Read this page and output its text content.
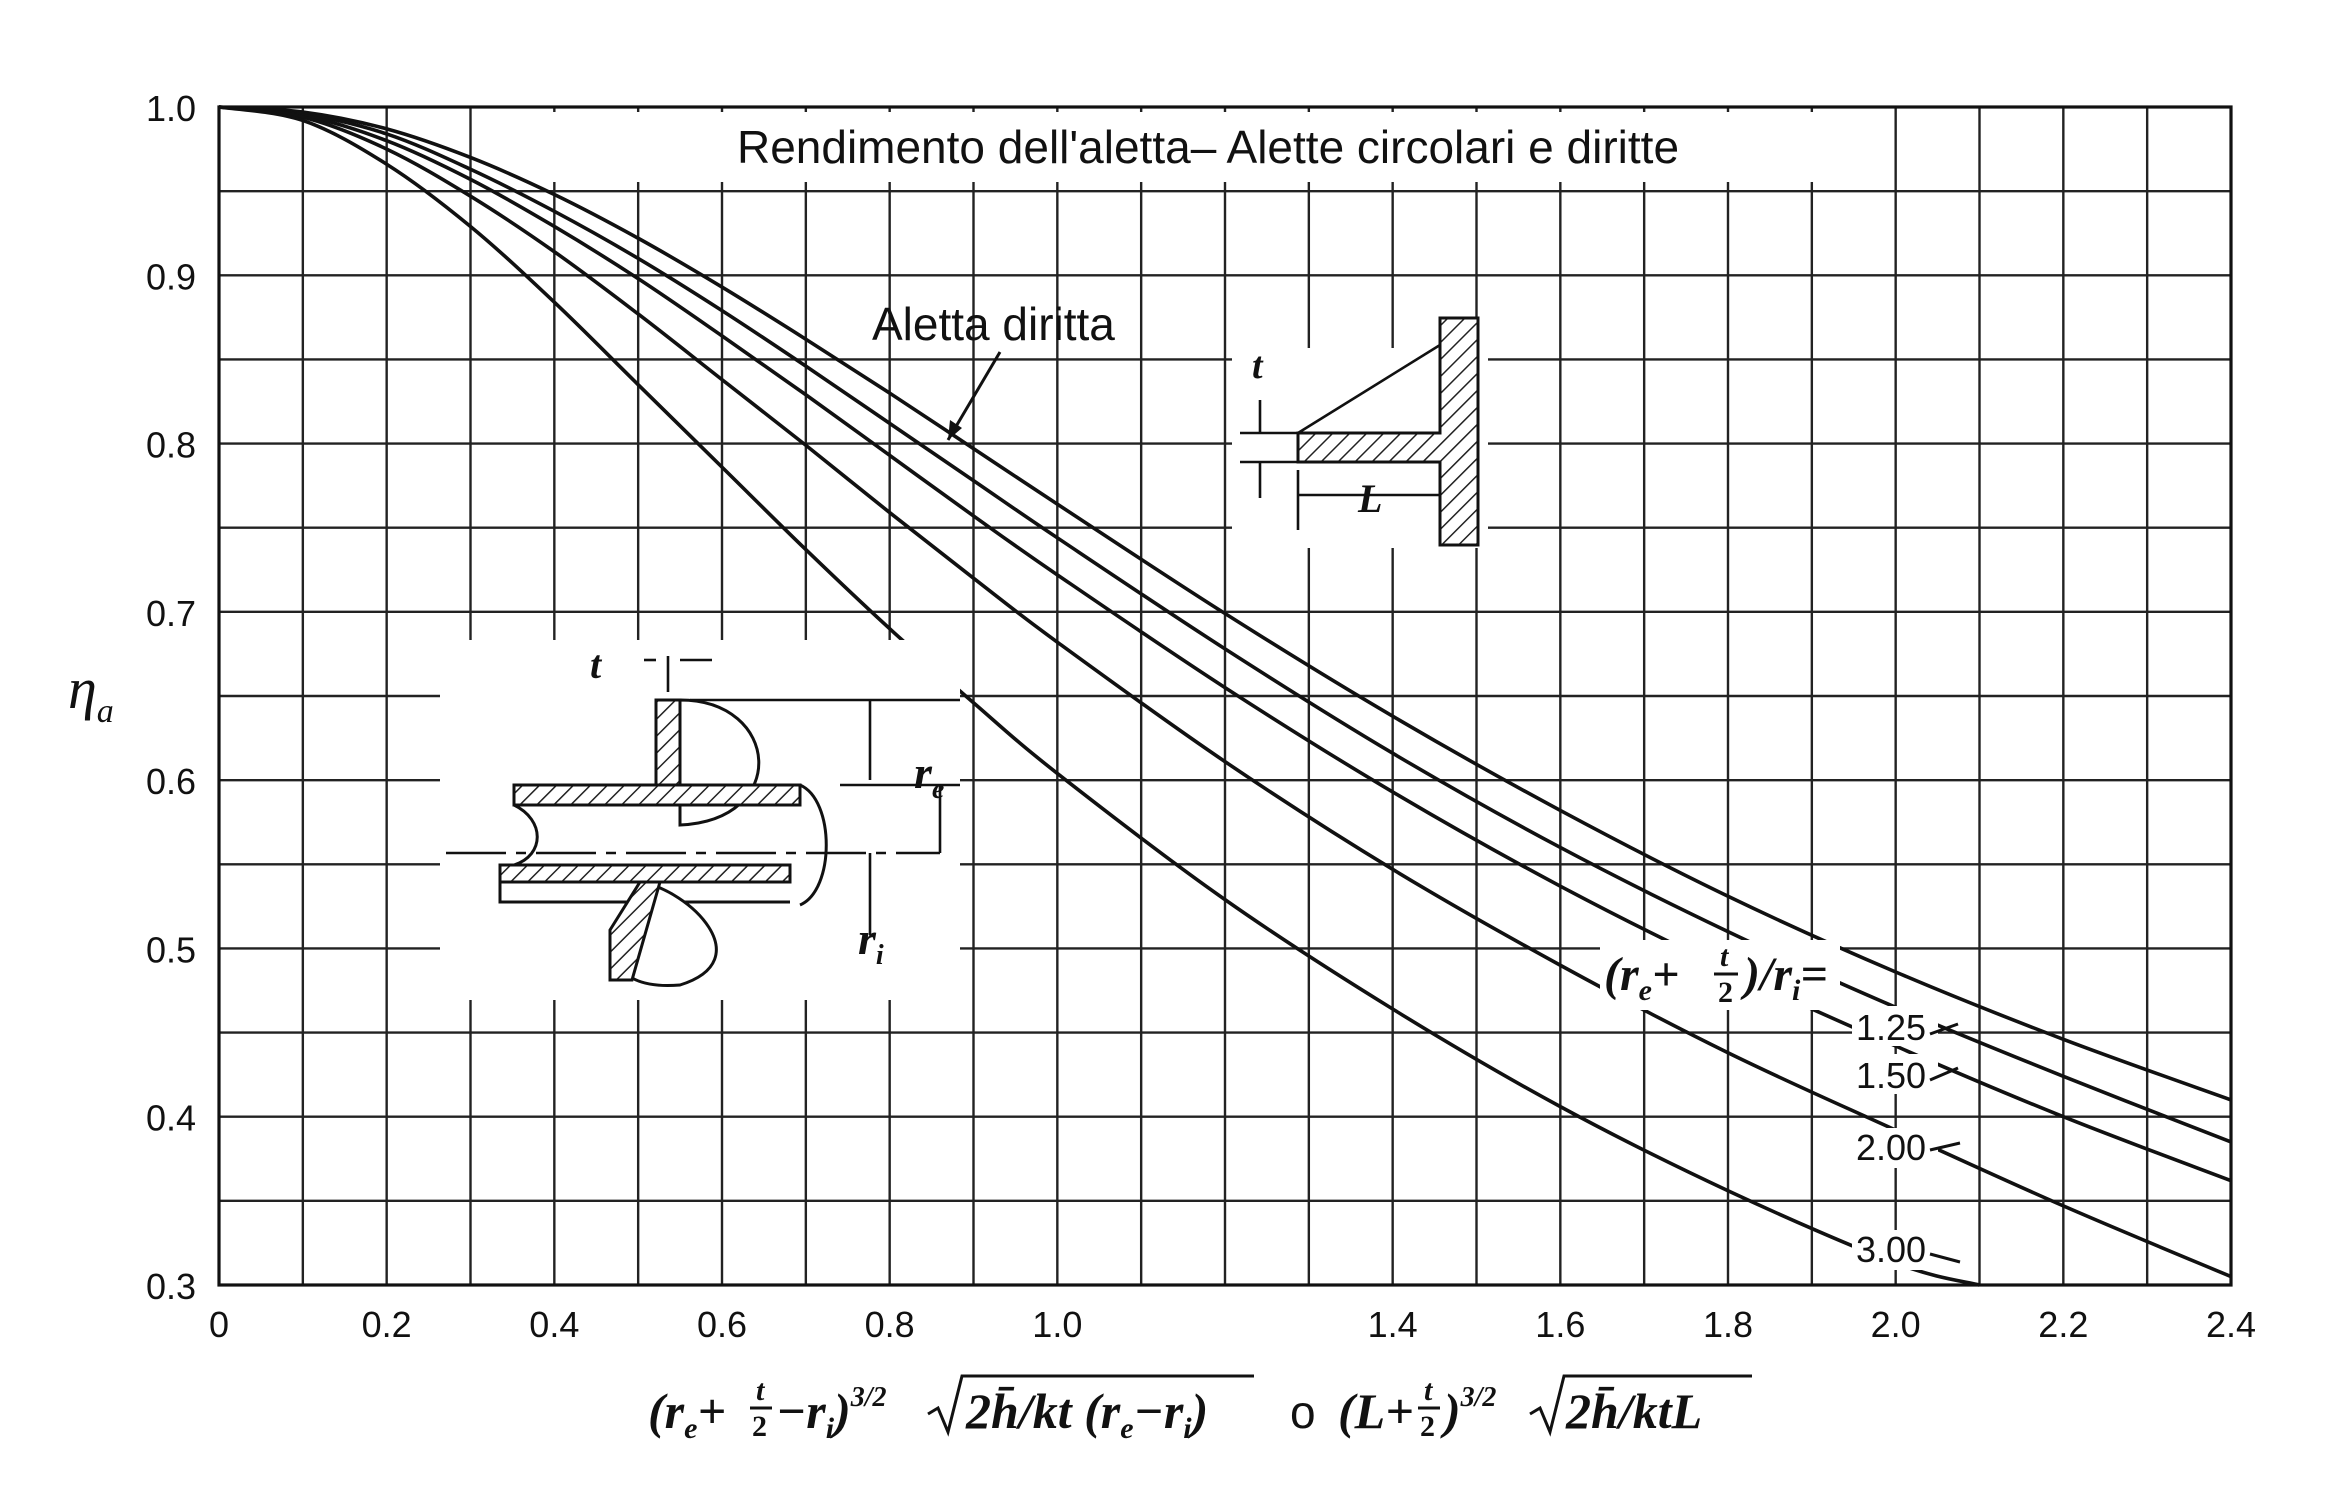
1.0
0.9
0.8
0.7
0.6
0.5
0.4
0.3
0	0.2	0.4	0.6	0.8	1.0	1.4	1.6	1.8	2.0	2.2	2.4
Rendimento dell'aletta– Alette circolari e diritte
$\eta_a$
Aletta diritta
($r_e+ t$
2 )$/r_i=$
1.25
1.50
2.00
3.00
t
L
t
$r_e$
$r_i$
($r_e+ t$
$2 -r_i)^{3/2}$ 2h̄/kt $(r_e-r_i)$ o (L+ t
2 )$^{3/2}$ 2h̄/ktL
